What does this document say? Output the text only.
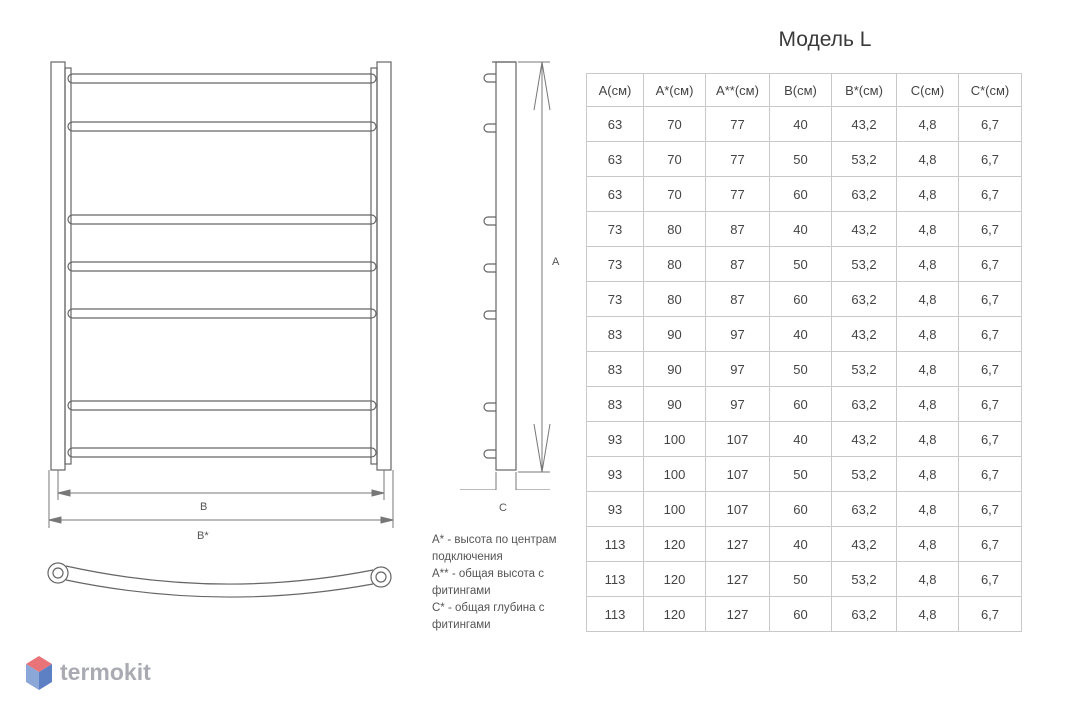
В
В*
А
С
Модель L
А(см)	А*(см)	А**(см)	В(см)	В*(см)	С(см)	С*(см)
63	70	77	40	43,2	4,8	6,7
63	70	77	50	53,2	4,8	6,7
63	70	77	60	63,2	4,8	6,7
73	80	87	40	43,2	4,8	6,7
73	80	87	50	53,2	4,8	6,7
73	80	87	60	63,2	4,8	6,7
83	90	97	40	43,2	4,8	6,7
83	90	97	50	53,2	4,8	6,7
83	90	97	60	63,2	4,8	6,7
93	100	107	40	43,2	4,8	6,7
93	100	107	50	53,2	4,8	6,7
93	100	107	60	63,2	4,8	6,7
113	120	127	40	43,2	4,8	6,7
113	120	127	50	53,2	4,8	6,7
113	120	127	60	63,2	4,8	6,7
А* - высота по центрам подключения
А** - общая высота с фитингами
С* - общая глубина с фитингами
termokit
